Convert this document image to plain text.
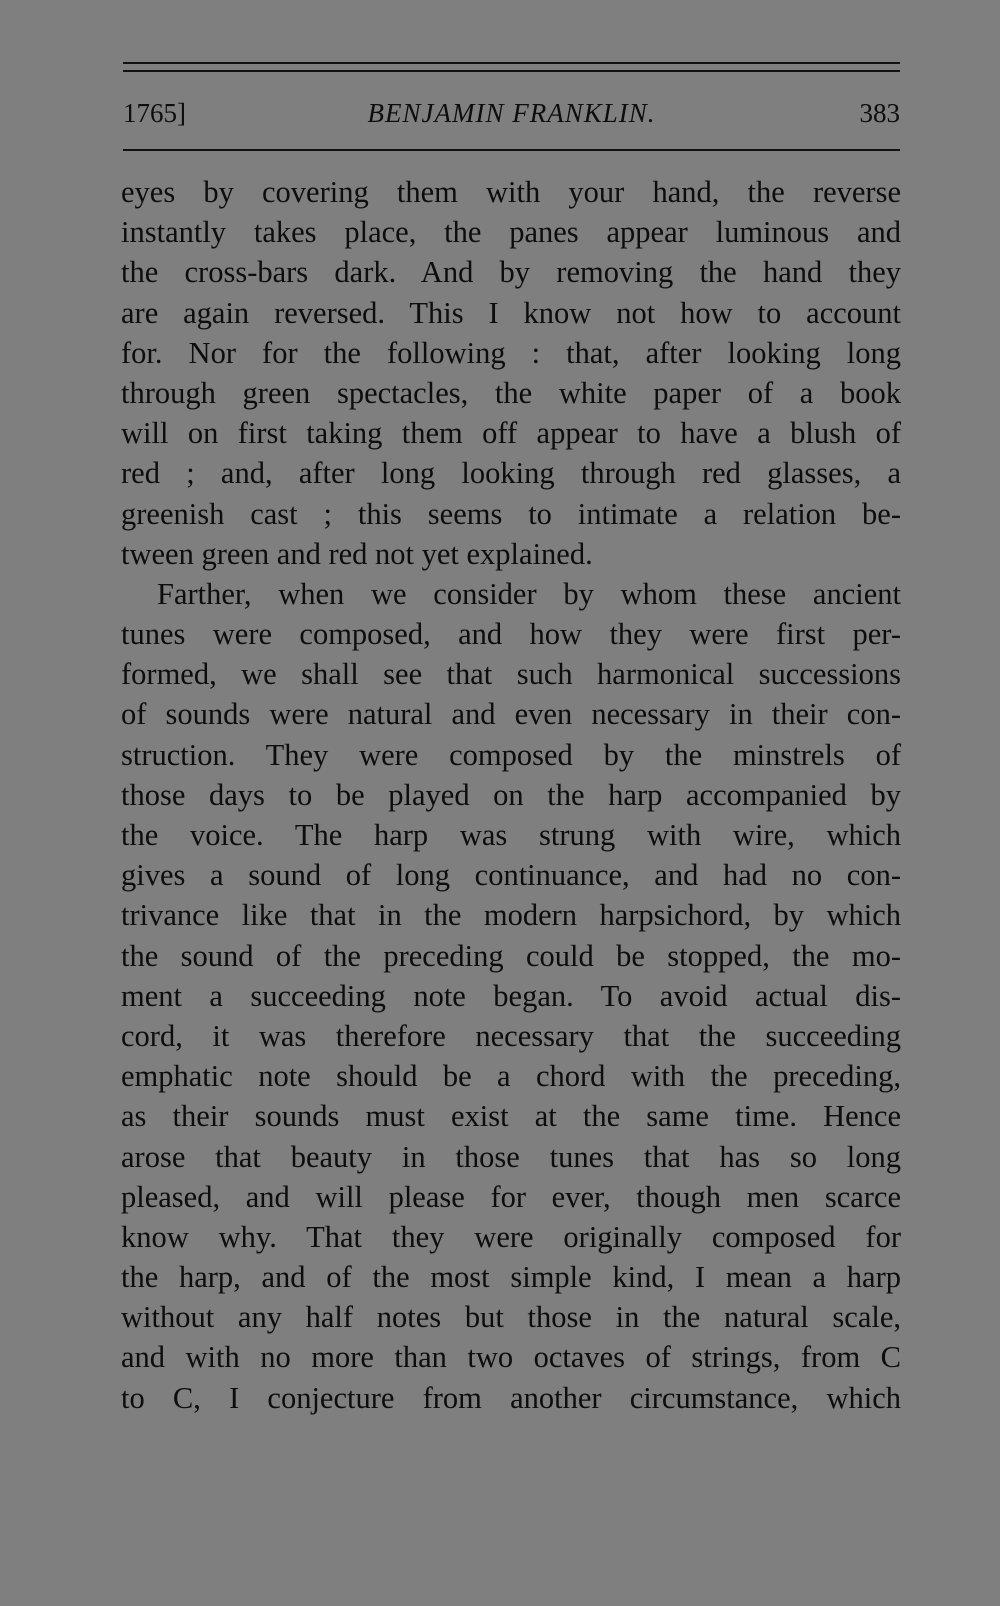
1765]	BENJAMIN FRANKLIN.	383
eyes by covering them with your hand, the reverse
instantly takes place, the panes appear luminous and
the cross-bars dark. And by removing the hand they
are again reversed. This I know not how to account
for. Nor for the following : that, after looking long
through green spectacles, the white paper of a book
will on first taking them off appear to have a blush of
red ; and, after long looking through red glasses, a
greenish cast ; this seems to intimate a relation be-
tween green and red not yet explained.
Farther, when we consider by whom these ancient
tunes were composed, and how they were first per-
formed, we shall see that such harmonical successions
of sounds were natural and even necessary in their con-
struction. They were composed by the minstrels of
those days to be played on the harp accompanied by
the voice. The harp was strung with wire, which
gives a sound of long continuance, and had no con-
trivance like that in the modern harpsichord, by which
the sound of the preceding could be stopped, the mo-
ment a succeeding note began. To avoid actual dis-
cord, it was therefore necessary that the succeeding
emphatic note should be a chord with the preceding,
as their sounds must exist at the same time. Hence
arose that beauty in those tunes that has so long
pleased, and will please for ever, though men scarce
know why. That they were originally composed for
the harp, and of the most simple kind, I mean a harp
without any half notes but those in the natural scale,
and with no more than two octaves of strings, from C
to C, I conjecture from another circumstance, which
